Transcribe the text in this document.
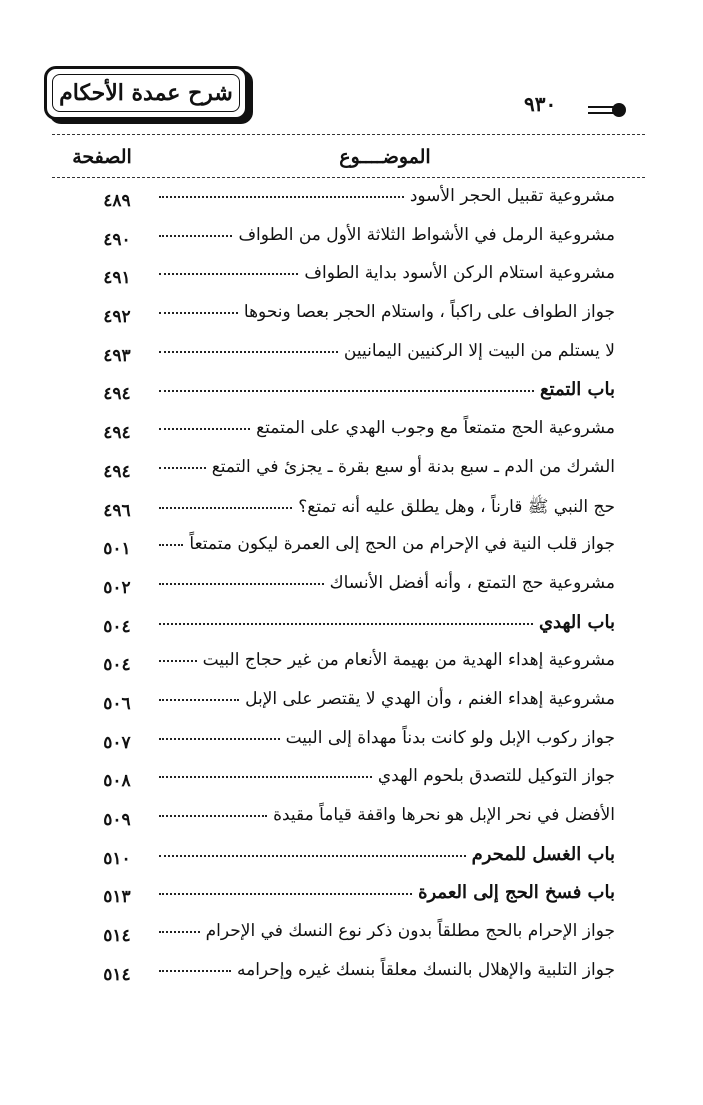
شرح عمدة الأحكام	٩٣٠
الموضــــوع
الصفحة
مشروعية تقبيل الحجر الأسود
٤٨٩
مشروعية الرمل في الأشواط الثلاثة الأول من الطواف
٤٩٠
مشروعية استلام الركن الأسود بداية الطواف
٤٩١
جواز الطواف على راكباً ، واستلام الحجر بعصا ونحوها
٤٩٢
لا يستلم من البيت إلا الركنيين اليمانيين
٤٩٣
باب التمتع
٤٩٤
مشروعية الحج متمتعاً مع وجوب الهدي على المتمتع
٤٩٤
الشرك من الدم ـ سبع بدنة أو سبع بقرة ـ يجزئ في التمتع
٤٩٤
حج النبي ﷺ قارناً ، وهل يطلق عليه أنه تمتع؟
٤٩٦
جواز قلب النية في الإحرام من الحج إلى العمرة ليكون متمتعاً
٥٠١
مشروعية حج التمتع ، وأنه أفضل الأنساك
٥٠٢
باب الهدي
٥٠٤
مشروعية إهداء الهدية من بهيمة الأنعام من غير حجاج البيت
٥٠٤
مشروعية إهداء الغنم ، وأن الهدي لا يقتصر على الإبل
٥٠٦
جواز ركوب الإبل ولو كانت بدناً مهداة إلى البيت
٥٠٧
جواز التوكيل للتصدق بلحوم الهدي
٥٠٨
الأفضل في نحر الإبل هو نحرها واقفة قياماً مقيدة
٥٠٩
باب الغسل للمحرم
٥١٠
باب فسخ الحج إلى العمرة
٥١٣
جواز الإحرام بالحج مطلقاً بدون ذكر نوع النسك في الإحرام
٥١٤
جواز التلبية والإهلال بالنسك معلقاً بنسك غيره وإحرامه
٥١٤
